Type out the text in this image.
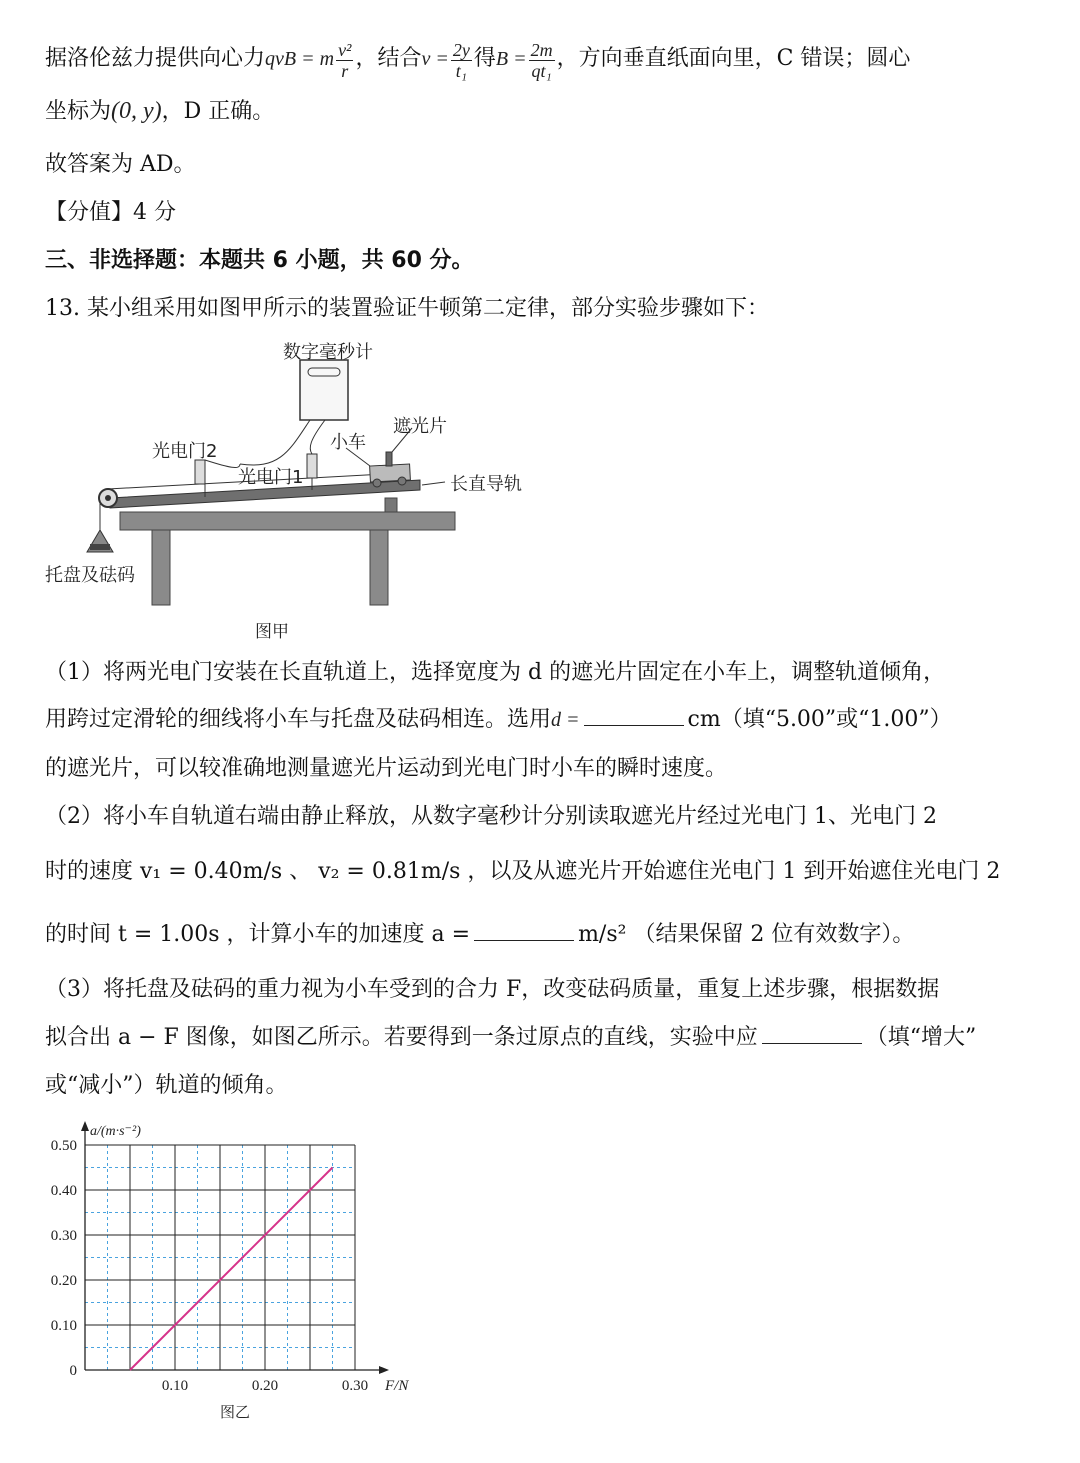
据洛伦兹力提供向心力qvB = m $\frac{\text{v²}}{r}$ ，结合$v = \frac{2y}{\text{t₁}}$ 得$B = \frac{2m}{\text{qt₁}}$ ，方向垂直纸面向里，C 错误；圆心
坐标为(0, y)，D 正确。
故答案为 AD。
【分值】4 分
三、非选择题：本题共 6 小题，共 60 分。
13. 某小组采用如图甲所示的装置验证牛顿第二定律，部分实验步骤如下：
数字毫秒计
遮光片
小车
光电门2
光电门1	长直导轨
托盘及砝码
图甲
（1）将两光电门安装在长直轨道上，选择宽度为 d 的遮光片固定在小车上，调整轨道倾角，
用跨过定滑轮的细线将小车与托盘及砝码相连。选用d =	cm（填“5.00”或“1.00”）
的遮光片，可以较准确地测量遮光片运动到光电门时小车的瞬时速度。
（2）将小车自轨道右端由静止释放，从数字毫秒计分别读取遮光片经过光电门 1、光电门 2
时的速度 v₁ = 0.40m/s 、 v₂ = 0.81m/s ，以及从遮光片开始遮住光电门 1 到开始遮住光电门 2
的时间 t = 1.00s ，计算小车的加速度 a =	m/s² （结果保留 2 位有效数字）。
（3）将托盘及砝码的重力视为小车受到的合力 F，改变砝码质量，重复上述步骤，根据数据
拟合出 a − F 图像，如图乙所示。若要得到一条过原点的直线，实验中应	（填“增大”
或“减小”）轨道的倾角。
0
0.10
0.20
0.30
0.40
0.50
0.10	0.20	0.30 F/N
a/(m·s⁻²)
图乙
